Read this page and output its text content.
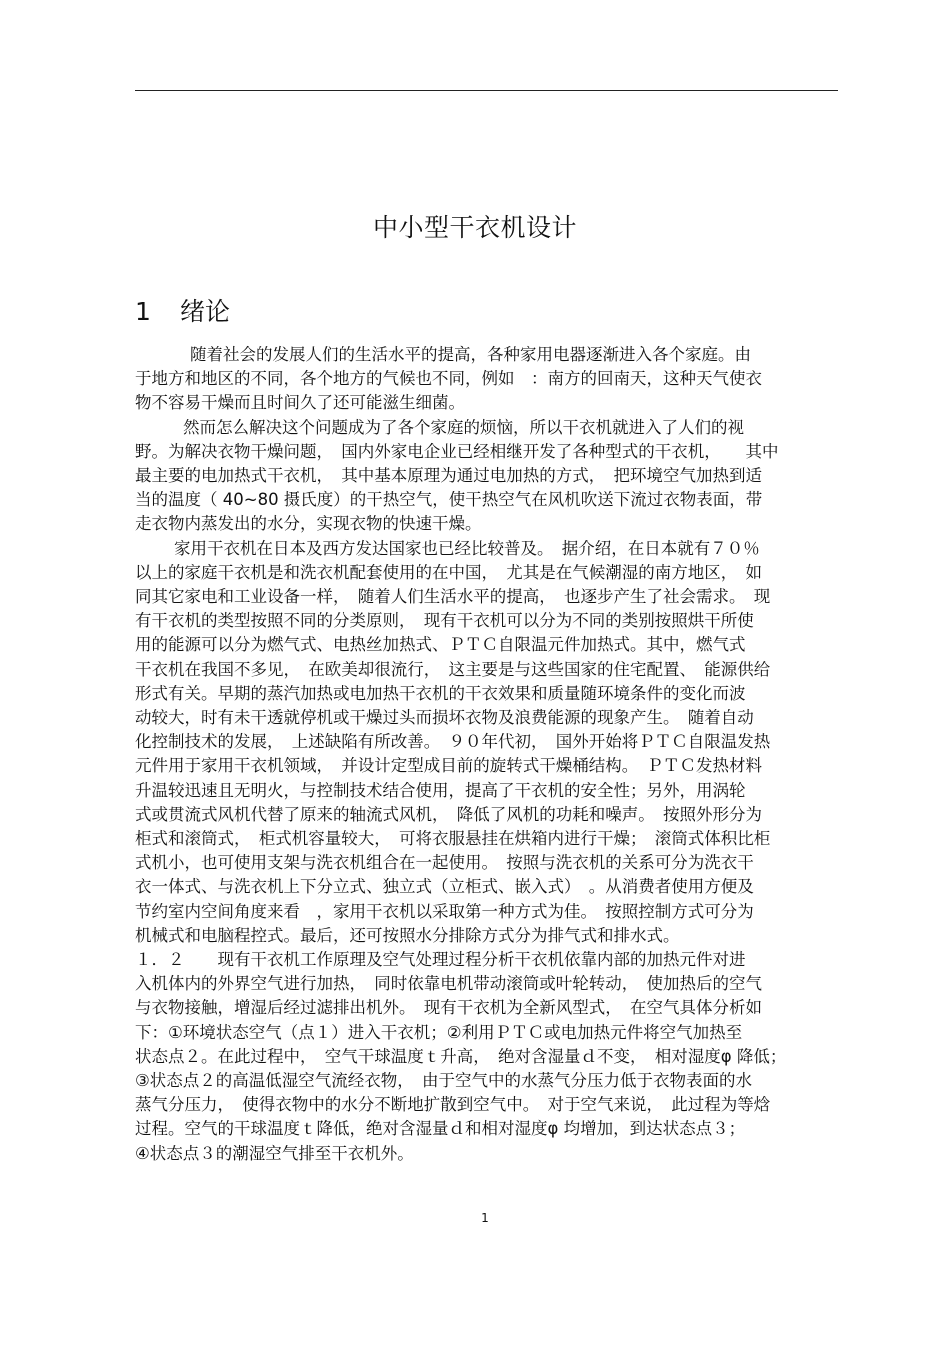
中小型干衣机设计
1 绪论
随着社会的发展人们的生活水平的提高，各种家用电器逐渐进入各个家庭。由
于地方和地区的不同，各个地方的气候也不同，例如　：南方的回南天，这种天气使衣
物不容易干燥而且时间久了还可能滋生细菌。
然而怎么解决这个问题成为了各个家庭的烦恼，所以干衣机就进入了人们的视
野。为解决衣物干燥问题，　国内外家电企业已经相继开发了各种型式的干衣机，　　其中
最主要的电加热式干衣机，　其中基本原理为通过电加热的方式，　把环境空气加热到适
当的温度（ 40~80 摄氏度）的干热空气，使干热空气在风机吹送下流过衣物表面，带
走衣物内蒸发出的水分，实现衣物的快速干燥。
家用干衣机在日本及西方发达国家也已经比较普及。　据介绍，在日本就有７０％
以上的家庭干衣机是和洗衣机配套使用的在中国，　尤其是在气候潮湿的南方地区，　如
同其它家电和工业设备一样，　随着人们生活水平的提高，　也逐步产生了社会需求。　现
有干衣机的类型按照不同的分类原则，　现有干衣机可以分为不同的类别按照烘干所使
用的能源可以分为燃气式、电热丝加热式、ＰＴＣ自限温元件加热式。其中，燃气式
干衣机在我国不多见，　在欧美却很流行，　这主要是与这些国家的住宅配置、　能源供给
形式有关。早期的蒸汽加热或电加热干衣机的干衣效果和质量随环境条件的变化而波
动较大，时有未干透就停机或干燥过头而损坏衣物及浪费能源的现象产生。　随着自动
化控制技术的发展，　上述缺陷有所改善。　９０年代初，　国外开始将ＰＴＣ自限温发热
元件用于家用干衣机领域，　并设计定型成目前的旋转式干燥桶结构。　ＰＴＣ发热材料
升温较迅速且无明火，与控制技术结合使用，提高了干衣机的安全性；另外，用涡轮
式或贯流式风机代替了原来的轴流式风机，　降低了风机的功耗和噪声。　按照外形分为
柜式和滚筒式，　柜式机容量较大，　可将衣服悬挂在烘箱内进行干燥；　滚筒式体积比柜
式机小，也可使用支架与洗衣机组合在一起使用。　按照与洗衣机的关系可分为洗衣干
衣一体式、与洗衣机上下分立式、独立式（立柜式、嵌入式）　。从消费者使用方便及
节约室内空间角度来看　，家用干衣机以采取第一种方式为佳。　按照控制方式可分为
机械式和电脑程控式。最后，还可按照水分排除方式分为排气式和排水式。
１．２　　现有干衣机工作原理及空气处理过程分析干衣机依靠内部的加热元件对进
入机体内的外界空气进行加热，　同时依靠电机带动滚筒或叶轮转动，　使加热后的空气
与衣物接触，增湿后经过滤排出机外。　现有干衣机为全新风型式，　在空气具体分析如
下：①环境状态空气（点１）进入干衣机；②利用ＰＴＣ或电加热元件将空气加热至
状态点２。在此过程中，　空气干球温度ｔ升高，　绝对含湿量ｄ不变，　相对湿度φ 降低；
③状态点２的高温低湿空气流经衣物，　由于空气中的水蒸气分压力低于衣物表面的水
蒸气分压力，　使得衣物中的水分不断地扩散到空气中。　对于空气来说，　此过程为等焓
过程。空气的干球温度ｔ降低，绝对含湿量ｄ和相对湿度φ 均增加，到达状态点３；
④状态点３的潮湿空气排至干衣机外。
1
